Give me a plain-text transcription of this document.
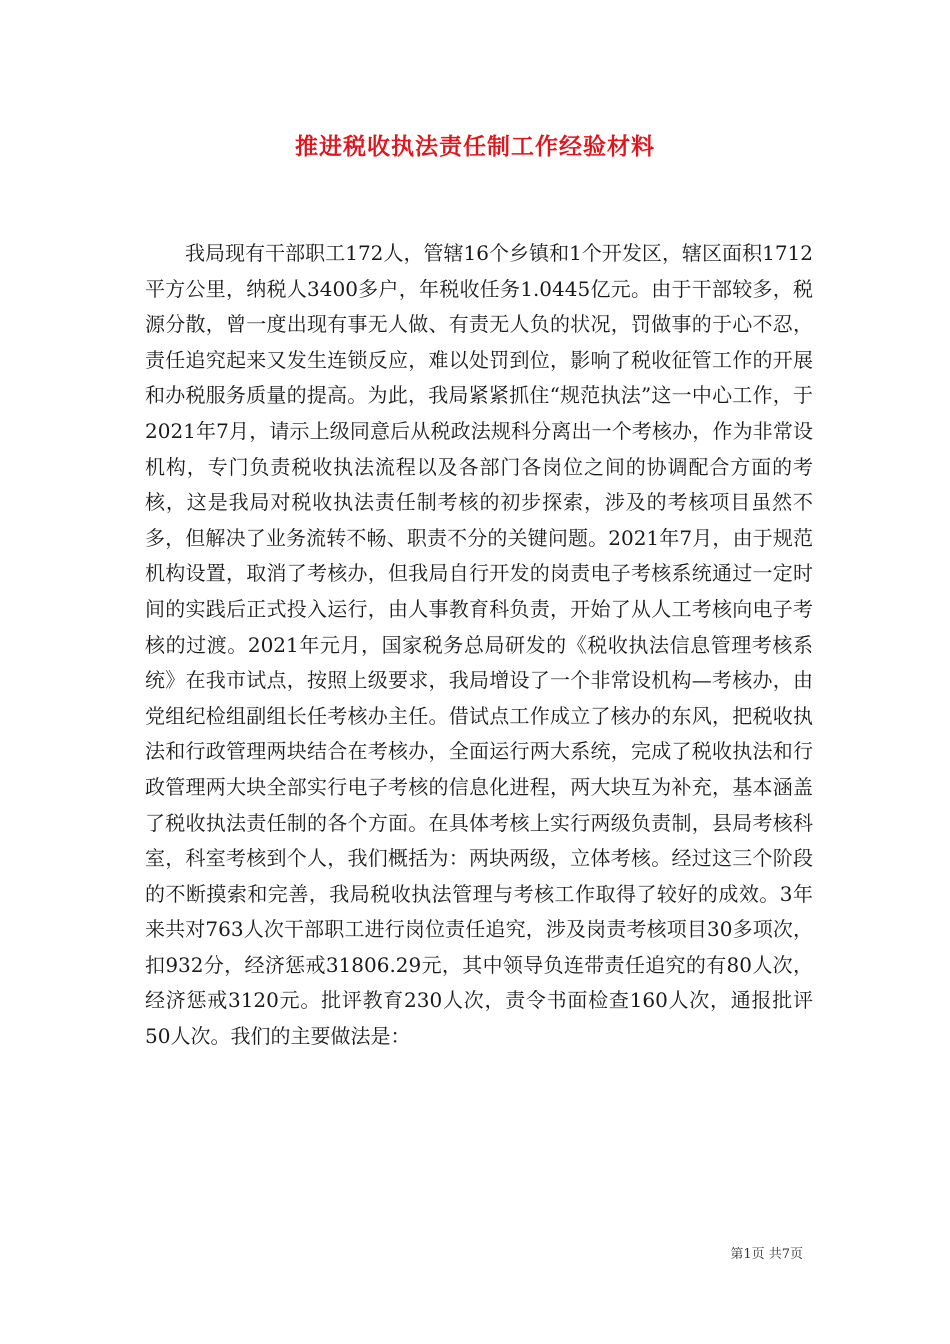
推进税收执法责任制工作经验材料

我局现有干部职工172人，管辖16个乡镇和1个开发区，辖区面积1712平方公里，纳税人3400多户，年税收任务1.0445亿元。由于干部较多，税源分散，曾一度出现有事无人做、有责无人负的状况，罚做事的于心不忍，责任追究起来又发生连锁反应，难以处罚到位，影响了税收征管工作的开展和办税服务质量的提高。为此，我局紧紧抓住“规范执法”这一中心工作，于2021年7月，请示上级同意后从税政法规科分离出一个考核办，作为非常设机构，专门负责税收执法流程以及各部门各岗位之间的协调配合方面的考核，这是我局对税收执法责任制考核的初步探索，涉及的考核项目虽然不多，但解决了业务流转不畅、职责不分的关键问题。2021年7月，由于规范机构设置，取消了考核办，但我局自行开发的岗责电子考核系统通过一定时间的实践后正式投入运行，由人事教育科负责，开始了从人工考核向电子考核的过渡。2021年元月，国家税务总局研发的《税收执法信息管理考核系统》在我市试点，按照上级要求，我局增设了一个非常设机构—考核办，由党组纪检组副组长任考核办主任。借试点工作成立了核办的东风，把税收执法和行政管理两块结合在考核办，全面运行两大系统，完成了税收执法和行政管理两大块全部实行电子考核的信息化进程，两大块互为补充，基本涵盖了税收执法责任制的各个方面。在具体考核上实行两级负责制，县局考核科室，科室考核到个人，我们概括为：两块两级，立体考核。经过这三个阶段的不断摸索和完善，我局税收执法管理与考核工作取得了较好的成效。3年来共对763人次干部职工进行岗位责任追究，涉及岗责考核项目30多项次，扣932分，经济惩戒31806.29元，其中领导负连带责任追究的有80人次，经济惩戒3120元。批评教育230人次，责令书面检查160人次，通报批评50人次。我们的主要做法是：

第1页 共7页
